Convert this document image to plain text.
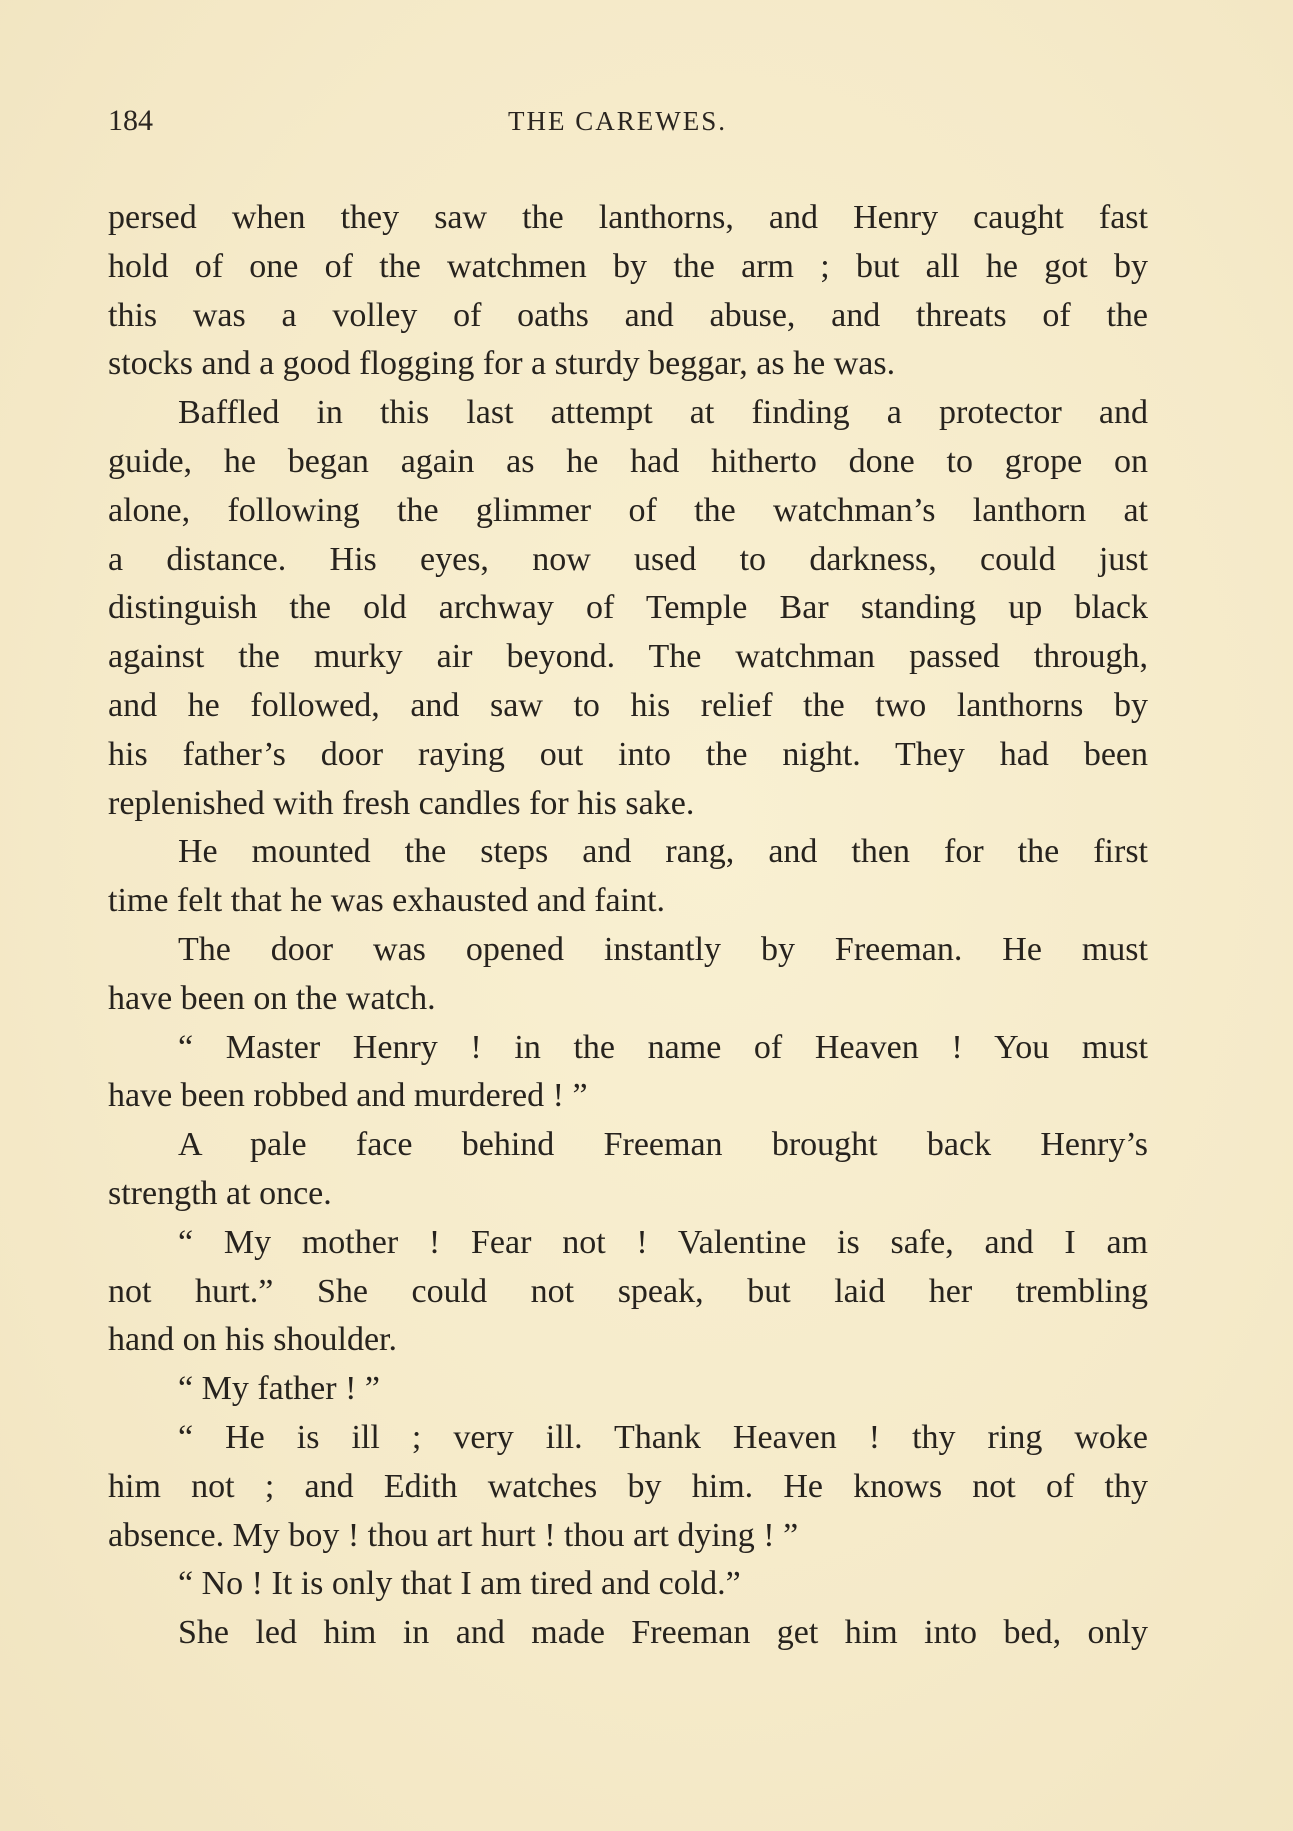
184	THE CAREWES.
persed when they saw the lanthorns, and Henry caught fast
hold of one of the watchmen by the arm ; but all he got by
this was a volley of oaths and abuse, and threats of the
stocks and a good flogging for a sturdy beggar, as he was.
Baffled in this last attempt at finding a protector and
guide, he began again as he had hitherto done to grope on
alone, following the glimmer of the watchman’s lanthorn at
a distance. His eyes, now used to darkness, could just
distinguish the old archway of Temple Bar standing up black
against the murky air beyond. The watchman passed through,
and he followed, and saw to his relief the two lanthorns by
his father’s door raying out into the night. They had been
replenished with fresh candles for his sake.
He mounted the steps and rang, and then for the first
time felt that he was exhausted and faint.
The door was opened instantly by Freeman. He must
have been on the watch.
“ Master Henry ! in the name of Heaven ! You must
have been robbed and murdered ! ”
A pale face behind Freeman brought back Henry’s
strength at once.
“ My mother ! Fear not ! Valentine is safe, and I am
not hurt.” She could not speak, but laid her trembling
hand on his shoulder.
“ My father ! ”
“ He is ill ; very ill. Thank Heaven ! thy ring woke
him not ; and Edith watches by him. He knows not of thy
absence. My boy ! thou art hurt ! thou art dying ! ”
“ No ! It is only that I am tired and cold.”
She led him in and made Freeman get him into bed, only
